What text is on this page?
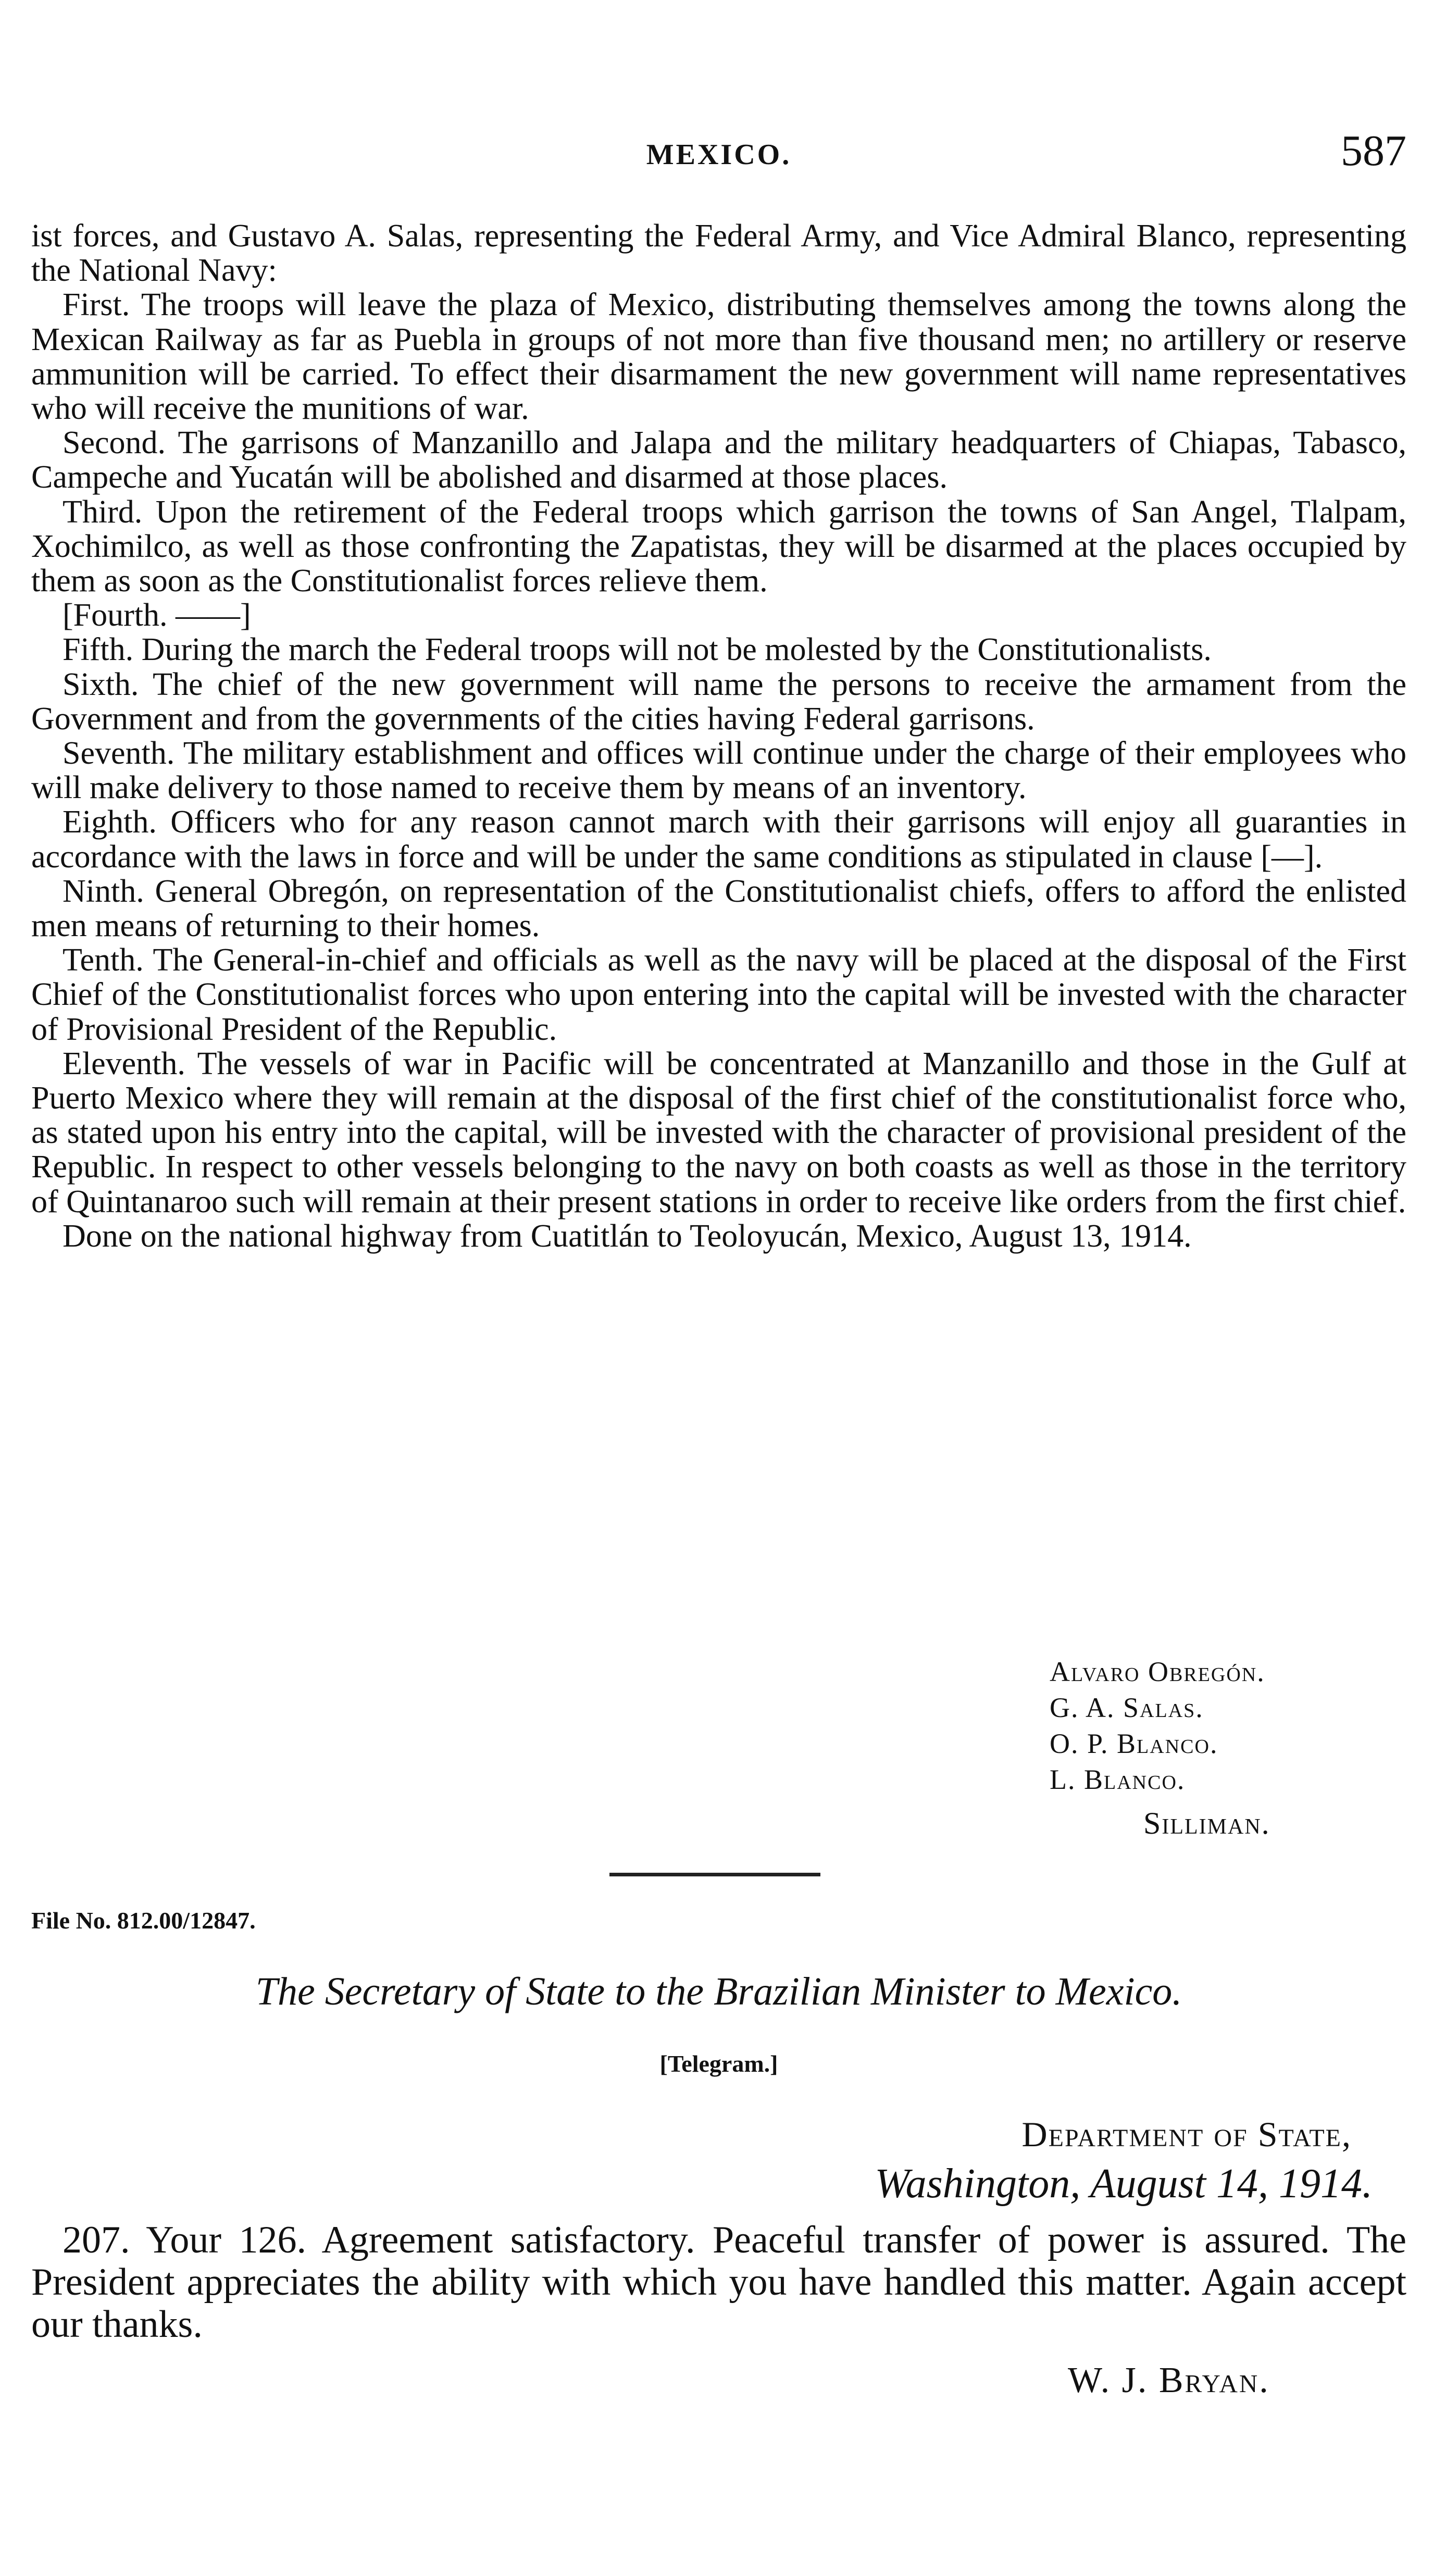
MEXICO.	587

ist forces, and Gustavo A. Salas, representing the Federal Army, and Vice Admiral Blanco, representing the National Navy:

First. The troops will leave the plaza of Mexico, distributing themselves among the towns along the Mexican Railway as far as Puebla in groups of not more than five thousand men; no artillery or reserve ammunition will be carried. To effect their disarmament the new government will name representatives who will receive the munitions of war.

Second. The garrisons of Manzanillo and Jalapa and the military headquarters of Chiapas, Tabasco, Campeche and Yucatán will be abolished and disarmed at those places.

Third. Upon the retirement of the Federal troops which garrison the towns of San Angel, Tlalpam, Xochimilco, as well as those confronting the Zapatistas, they will be disarmed at the places occupied by them as soon as the Constitutionalist forces relieve them.

[Fourth. ——]

Fifth. During the march the Federal troops will not be molested by the Constitutionalists.

Sixth. The chief of the new government will name the persons to receive the armament from the Government and from the governments of the cities having Federal garrisons.

Seventh. The military establishment and offices will continue under the charge of their employees who will make delivery to those named to receive them by means of an inventory.

Eighth. Officers who for any reason cannot march with their garrisons will enjoy all guaranties in accordance with the laws in force and will be under the same conditions as stipulated in clause [—].

Ninth. General Obregón, on representation of the Constitutionalist chiefs, offers to afford the enlisted men means of returning to their homes.

Tenth. The General-in-chief and officials as well as the navy will be placed at the disposal of the First Chief of the Constitutionalist forces who upon entering into the capital will be invested with the character of Provisional President of the Republic.

Eleventh. The vessels of war in Pacific will be concentrated at Manzanillo and those in the Gulf at Puerto Mexico where they will remain at the disposal of the first chief of the constitutionalist force who, as stated upon his entry into the capital, will be invested with the character of provisional president of the Republic. In respect to other vessels belonging to the navy on both coasts as well as those in the territory of Quintanaroo such will remain at their present stations in order to receive like orders from the first chief.

Done on the national highway from Cuatitlán to Teoloyucán, Mexico, August 13, 1914.

Alvaro Obregón.
G. A. Salas.
O. P. Blanco.
L. Blanco.
Silliman.
File No. 812.00/12847.
The Secretary of State to the Brazilian Minister to Mexico.
[Telegram.]
Department of State,
Washington, August 14, 1914.

207. Your 126. Agreement satisfactory. Peaceful transfer of power is assured. The President appreciates the ability with which you have handled this matter. Again accept our thanks.

W. J. Bryan.
